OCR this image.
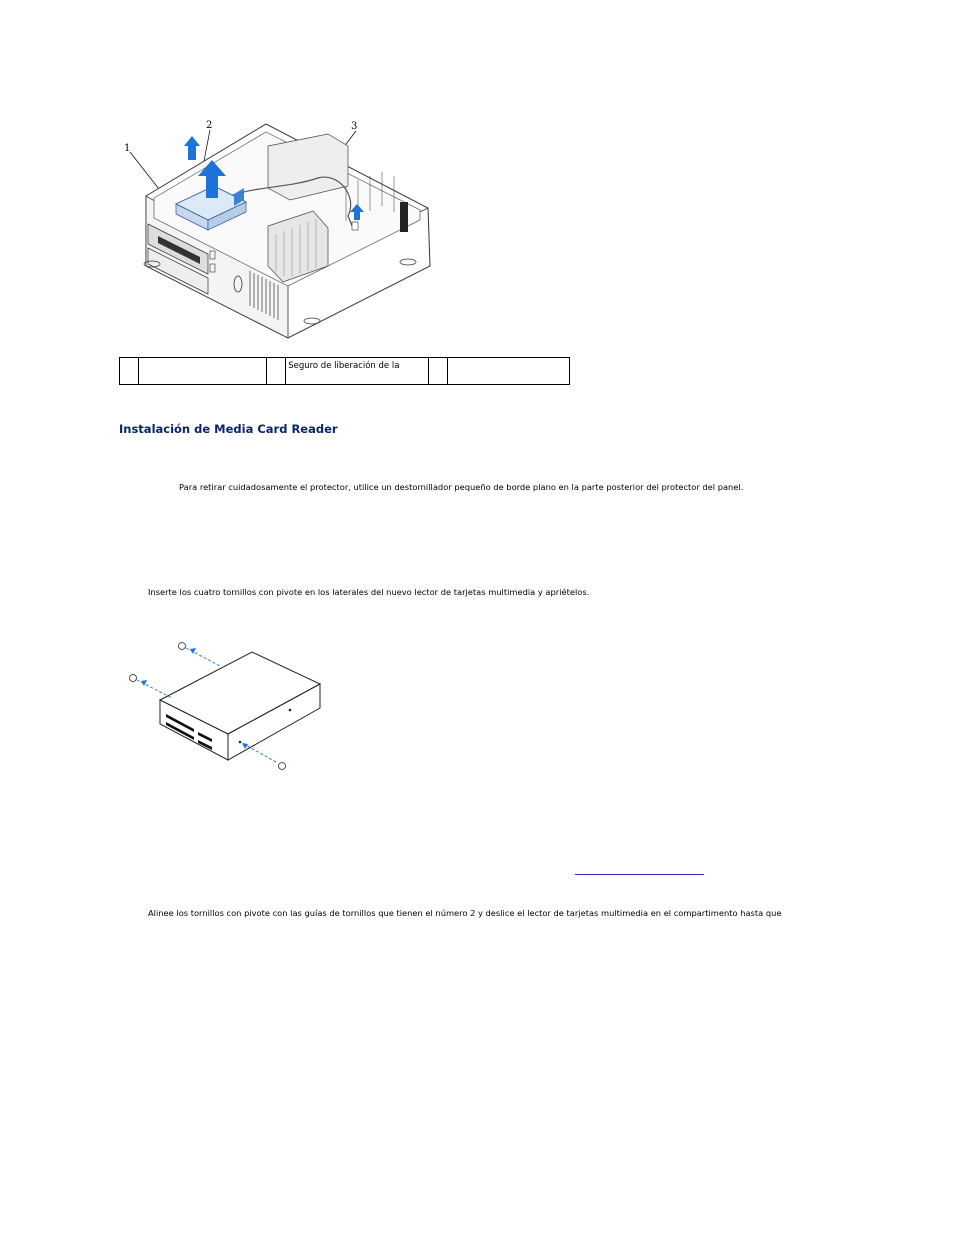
1
2	3
			Seguro de liberación de la		
Instalación de Media Card Reader
Para retirar cuidadosamente el protector, utilice un destornillador pequeño de borde plano en la parte posterior del protector del panel.
Inserte los cuatro tornillos con pivote en los laterales del nuevo lector de tarjetas multimedia y apriételos.
Alinee los tornillos con pivote con las guías de tornillos que tienen el número 2 y deslice el lector de tarjetas multimedia en el compartimento hasta que
